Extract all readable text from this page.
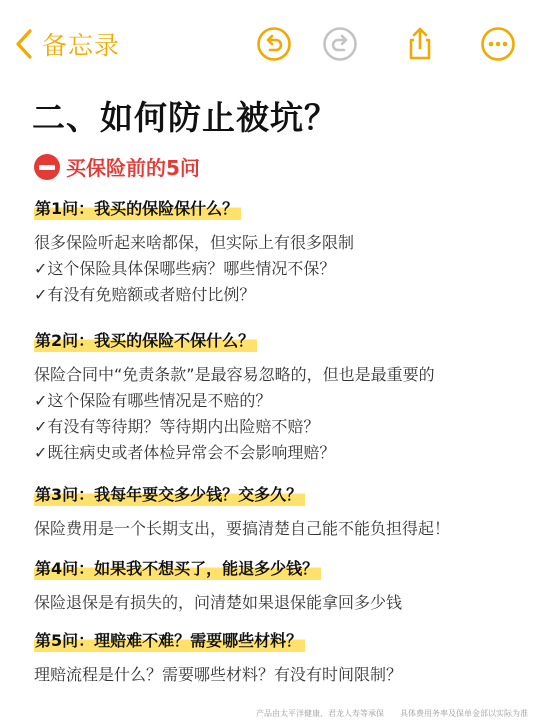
备忘录
二、如何防止被坑？
买保险前的5问
第1问：我买的保险保什么？
很多保险听起来啥都保，但实际上有很多限制
✓这个保险具体保哪些病？哪些情况不保？
✓有没有免赔额或者赔付比例？
第2问：我买的保险不保什么？
保险合同中“免责条款”是最容易忽略的，但也是最重要的
✓这个保险有哪些情况是不赔的？
✓有没有等待期？等待期内出险赔不赔？
✓既往病史或者体检异常会不会影响理赔？
第3问：我每年要交多少钱？交多久？
保险费用是一个长期支出，要搞清楚自己能不能负担得起！
第4问：如果我不想买了，能退多少钱？
保险退保是有损失的，问清楚如果退保能拿回多少钱
第5问：理赔难不难？需要哪些材料？
理赔流程是什么？需要哪些材料？有没有时间限制？
产品由太平洋健康、君龙人寿等承保　　具体费用务率及保单金部以实际为准
